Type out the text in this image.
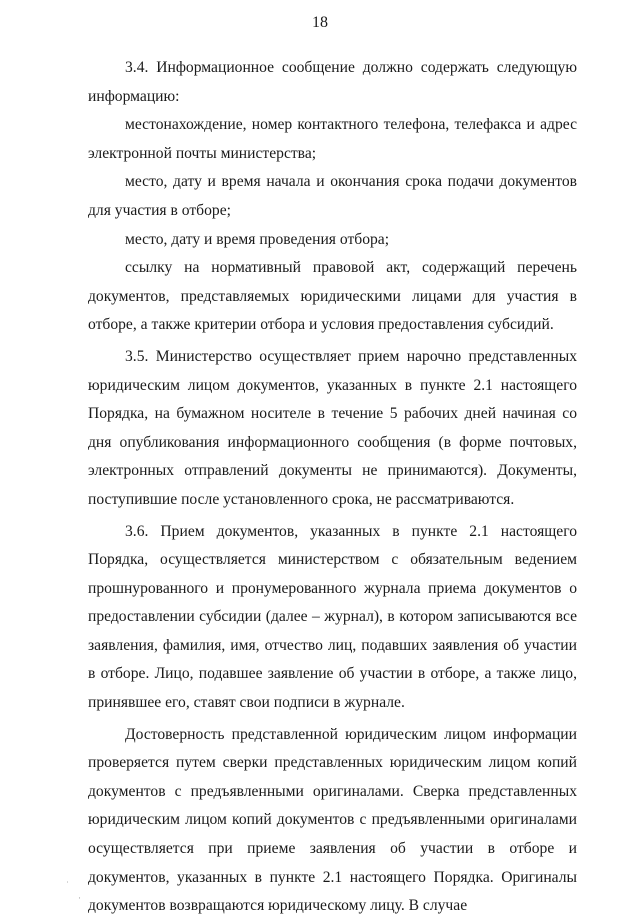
18

3.4. Информационное сообщение должно содержать следующую информацию:

местонахождение, номер контактного телефона, телефакса и адрес электронной почты министерства;

место, дату и время начала и окончания срока подачи документов для участия в отборе;

место, дату и время проведения отбора;

ссылку на нормативный правовой акт, содержащий перечень документов, представляемых юридическими лицами для участия в отборе, а также критерии отбора и условия предоставления субсидий.

3.5. Министерство осуществляет прием нарочно представленных юридическим лицом документов, указанных в пункте 2.1 настоящего Порядка, на бумажном носителе в течение 5 рабочих дней начиная со дня опубликования информационного сообщения (в форме почтовых, электронных отправлений документы не принимаются). Документы, поступившие после установленного срока, не рассматриваются.

3.6. Прием документов, указанных в пункте 2.1 настоящего Порядка, осуществляется министерством с обязательным ведением прошнурованного и пронумерованного журнала приема документов о предоставлении субсидии (далее – журнал), в котором записываются все заявления, фамилия, имя, отчество лиц, подавших заявления об участии в отборе. Лицо, подавшее заявление об участии в отборе, а также лицо, принявшее его, ставят свои подписи в журнале.

Достоверность представленной юридическим лицом информации проверяется путем сверки представленных юридическим лицом копий документов с предъявленными оригиналами. Сверка представленных юридическим лицом копий документов с предъявленными оригиналами осуществляется при приеме заявления об участии в отборе и документов, указанных в пункте 2.1 настоящего Порядка. Оригиналы документов возвращаются юридическому лицу. В случае

˙
·
